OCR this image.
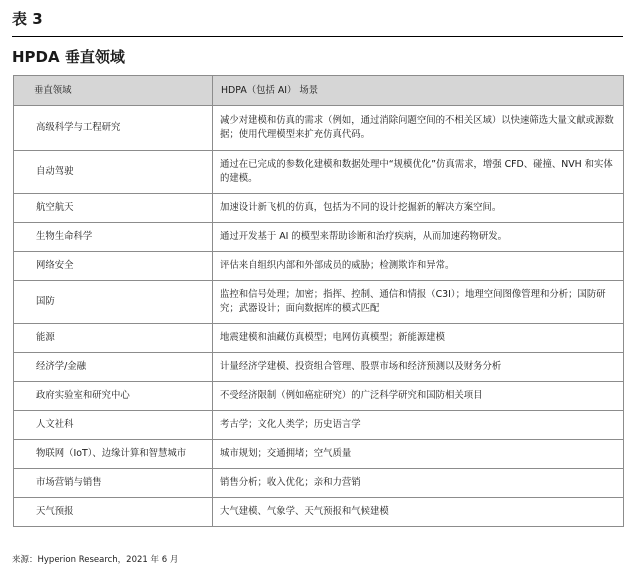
表 3
HPDA 垂直领域
垂直领域	HDPA（包括 AI） 场景
高级科学与工程研究	减少对建模和仿真的需求（例如，通过消除问题空间的不相关区域）以快速筛选大量文献或源数据；使用代理模型来扩充仿真代码。
自动驾驶	通过在已完成的参数化建模和数据处理中“规模优化”仿真需求，增强 CFD、碰撞、NVH 和实体的建模。
航空航天	加速设计新飞机的仿真，包括为不同的设计挖掘新的解决方案空间。
生物生命科学	通过开发基于 AI 的模型来帮助诊断和治疗疾病，从而加速药物研发。
网络安全	评估来自组织内部和外部成员的威胁；检测欺诈和异常。
国防	监控和信号处理；加密；指挥、控制、通信和情报（C3I）；地理空间图像管理和分析；国防研究；武器设计；面向数据库的模式匹配
能源	地震建模和油藏仿真模型；电网仿真模型；新能源建模
经济学/金融	计量经济学建模、投资组合管理、股票市场和经济预测以及财务分析
政府实验室和研究中心	不受经济限制（例如癌症研究）的广泛科学研究和国防相关项目
人文社科	考古学；文化人类学；历史语言学
物联网（IoT）、边缘计算和智慧城市	城市规划；交通拥堵；空气质量
市场营销与销售	销售分析；收入优化；亲和力营销
天气预报	大气建模、气象学、天气预报和气候建模
来源：Hyperion Research，2021 年 6 月
